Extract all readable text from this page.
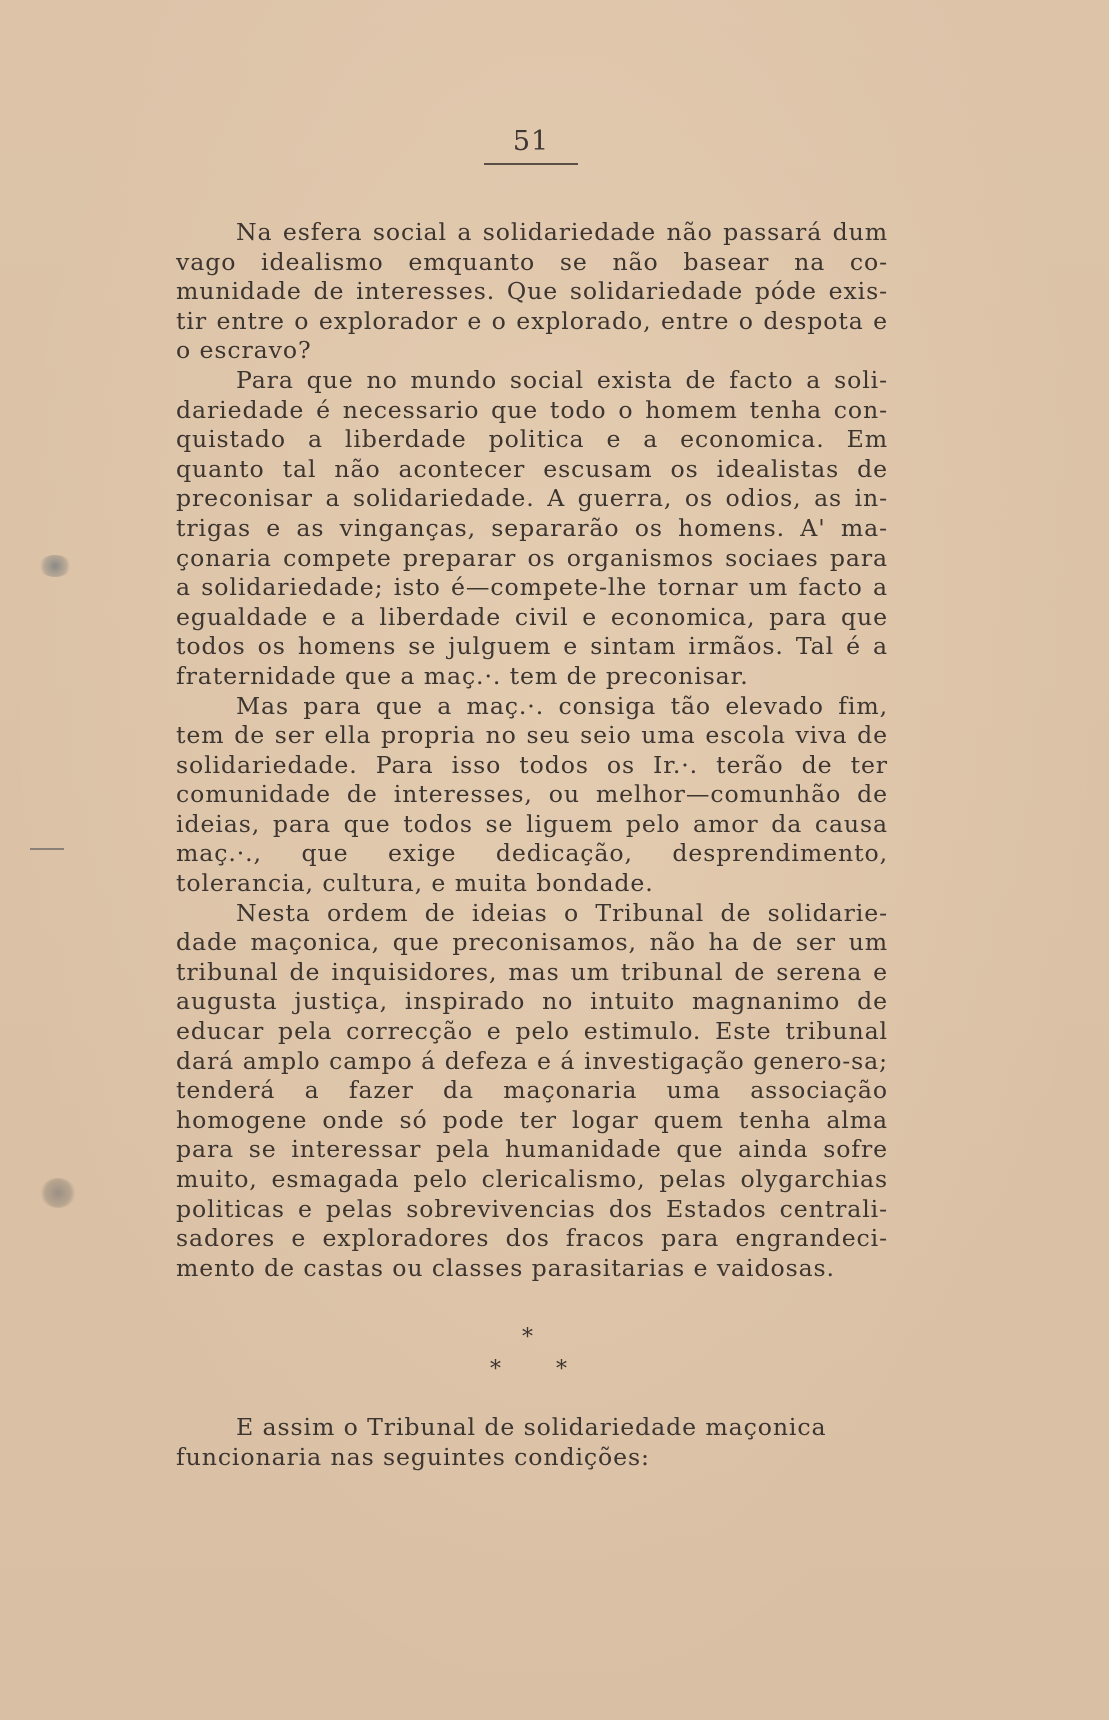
51

Na esfera social a solidariedade não passará dum vago idealismo emquanto se não basear na co-munidade de interesses. Que solidariedade póde exis-tir entre o explorador e o explorado, entre o despota e o escravo?

Para que no mundo social exista de facto a soli-dariedade é necessario que todo o homem tenha con-quistado a liberdade politica e a economica. Em quanto tal não acontecer escusam os idealistas de preconisar a solidariedade. A guerra, os odios, as in-trigas e as vinganças, separarão os homens. A' ma-çonaria compete preparar os organismos sociaes para a solidariedade; isto é—compete-lhe tornar um facto a egualdade e a liberdade civil e economica, para que todos os homens se julguem e sintam irmãos. Tal é a fraternidade que a maç.·. tem de preconisar.

Mas para que a maç.·. consiga tão elevado fim, tem de ser ella propria no seu seio uma escola viva de solidariedade. Para isso todos os Ir.·. terão de ter comunidade de interesses, ou melhor—comunhão de ideias, para que todos se liguem pelo amor da causa maç.·., que exige dedicação, desprendimento, tolerancia, cultura, e muita bondade.

Nesta ordem de ideias o Tribunal de solidarie-dade maçonica, que preconisamos, não ha de ser um tribunal de inquisidores, mas um tribunal de serena e augusta justiça, inspirado no intuito magnanimo de educar pela correcção e pelo estimulo. Este tribunal dará amplo campo á defeza e á investigação genero-sa; tenderá a fazer da maçonaria uma associação homogene onde só pode ter logar quem tenha alma para se interessar pela humanidade que ainda sofre muito, esmagada pelo clericalismo, pelas olygarchias politicas e pelas sobrevivencias dos Estados centrali-sadores e exploradores dos fracos para engrandeci-mento de castas ou classes parasitarias e vaidosas.

*
*	*

E assim o Tribunal de solidariedade maçonica funcionaria nas seguintes condições:
